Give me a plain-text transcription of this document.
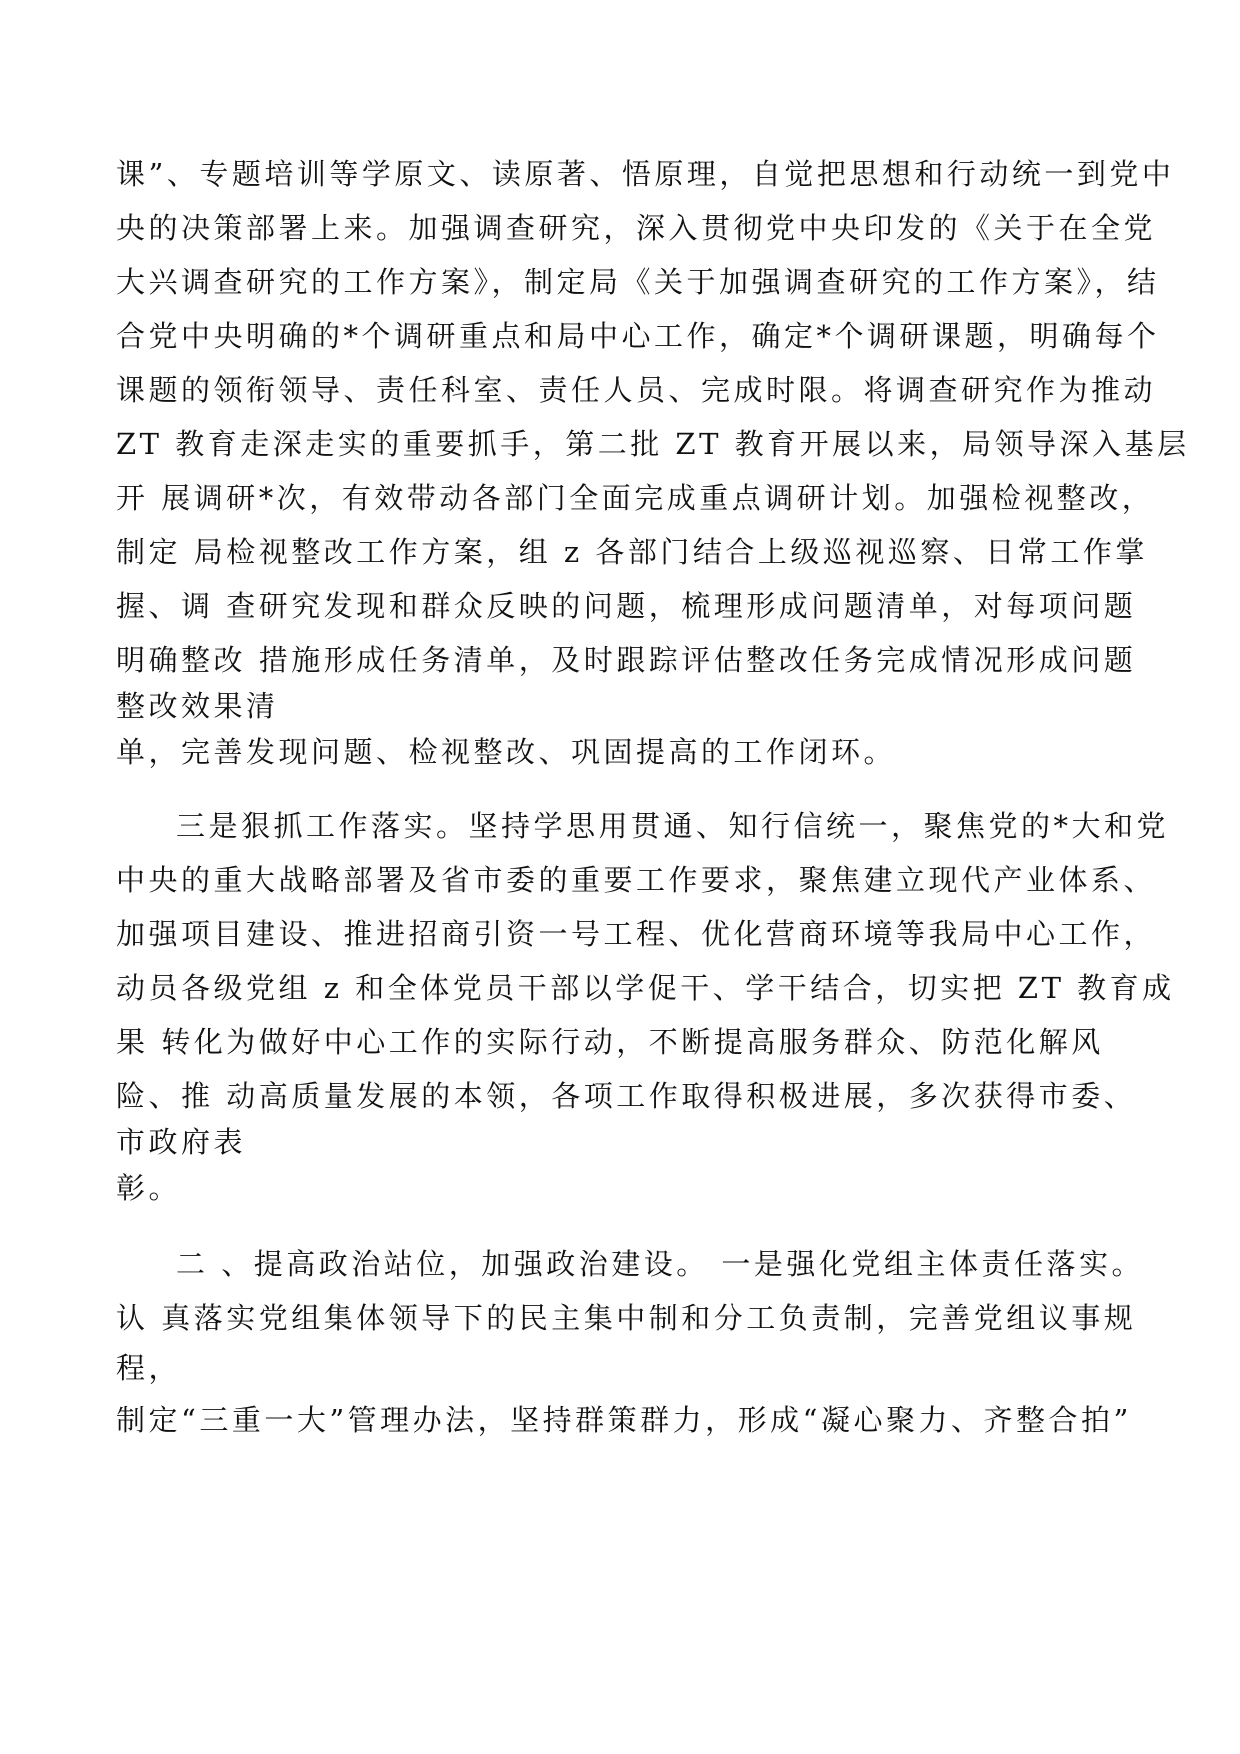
课”、专题培训等学原文、读原著、悟原理，自觉把思想和行动统一到党中
央的决策部署上来。加强调查研究，深入贯彻党中央印发的《关于在全党
大兴调查研究的工作方案》，制定局《关于加强调查研究的工作方案》，结
合党中央明确的*个调研重点和局中心工作，确定*个调研课题，明确每个
课题的领衔领导、责任科室、责任人员、完成时限。将调查研究作为推动
ZT 教育走深走实的重要抓手，第二批 ZT 教育开展以来，局领导深入基层
开 展调研*次，有效带动各部门全面完成重点调研计划。加强检视整改，
制定 局检视整改工作方案，组 z 各部门结合上级巡视巡察、日常工作掌
握、调 查研究发现和群众反映的问题，梳理形成问题清单，对每项问题
明确整改 措施形成任务清单，及时跟踪评估整改任务完成情况形成问题
整改效果清
单，完善发现问题、检视整改、巩固提高的工作闭环。
三是狠抓工作落实。坚持学思用贯通、知行信统一，聚焦党的*大和党
中央的重大战略部署及省市委的重要工作要求，聚焦建立现代产业体系、
加强项目建设、推进招商引资一号工程、优化营商环境等我局中心工作，
动员各级党组 z 和全体党员干部以学促干、学干结合，切实把 ZT 教育成
果 转化为做好中心工作的实际行动，不断提高服务群众、防范化解风
险、推 动高质量发展的本领，各项工作取得积极进展，多次获得市委、
市政府表
彰。
二 、提高政治站位，加强政治建设。 一是强化党组主体责任落实。
认 真落实党组集体领导下的民主集中制和分工负责制，完善党组议事规
程，
制定“三重一大”管理办法，坚持群策群力，形成“凝心聚力、齐整合拍”
